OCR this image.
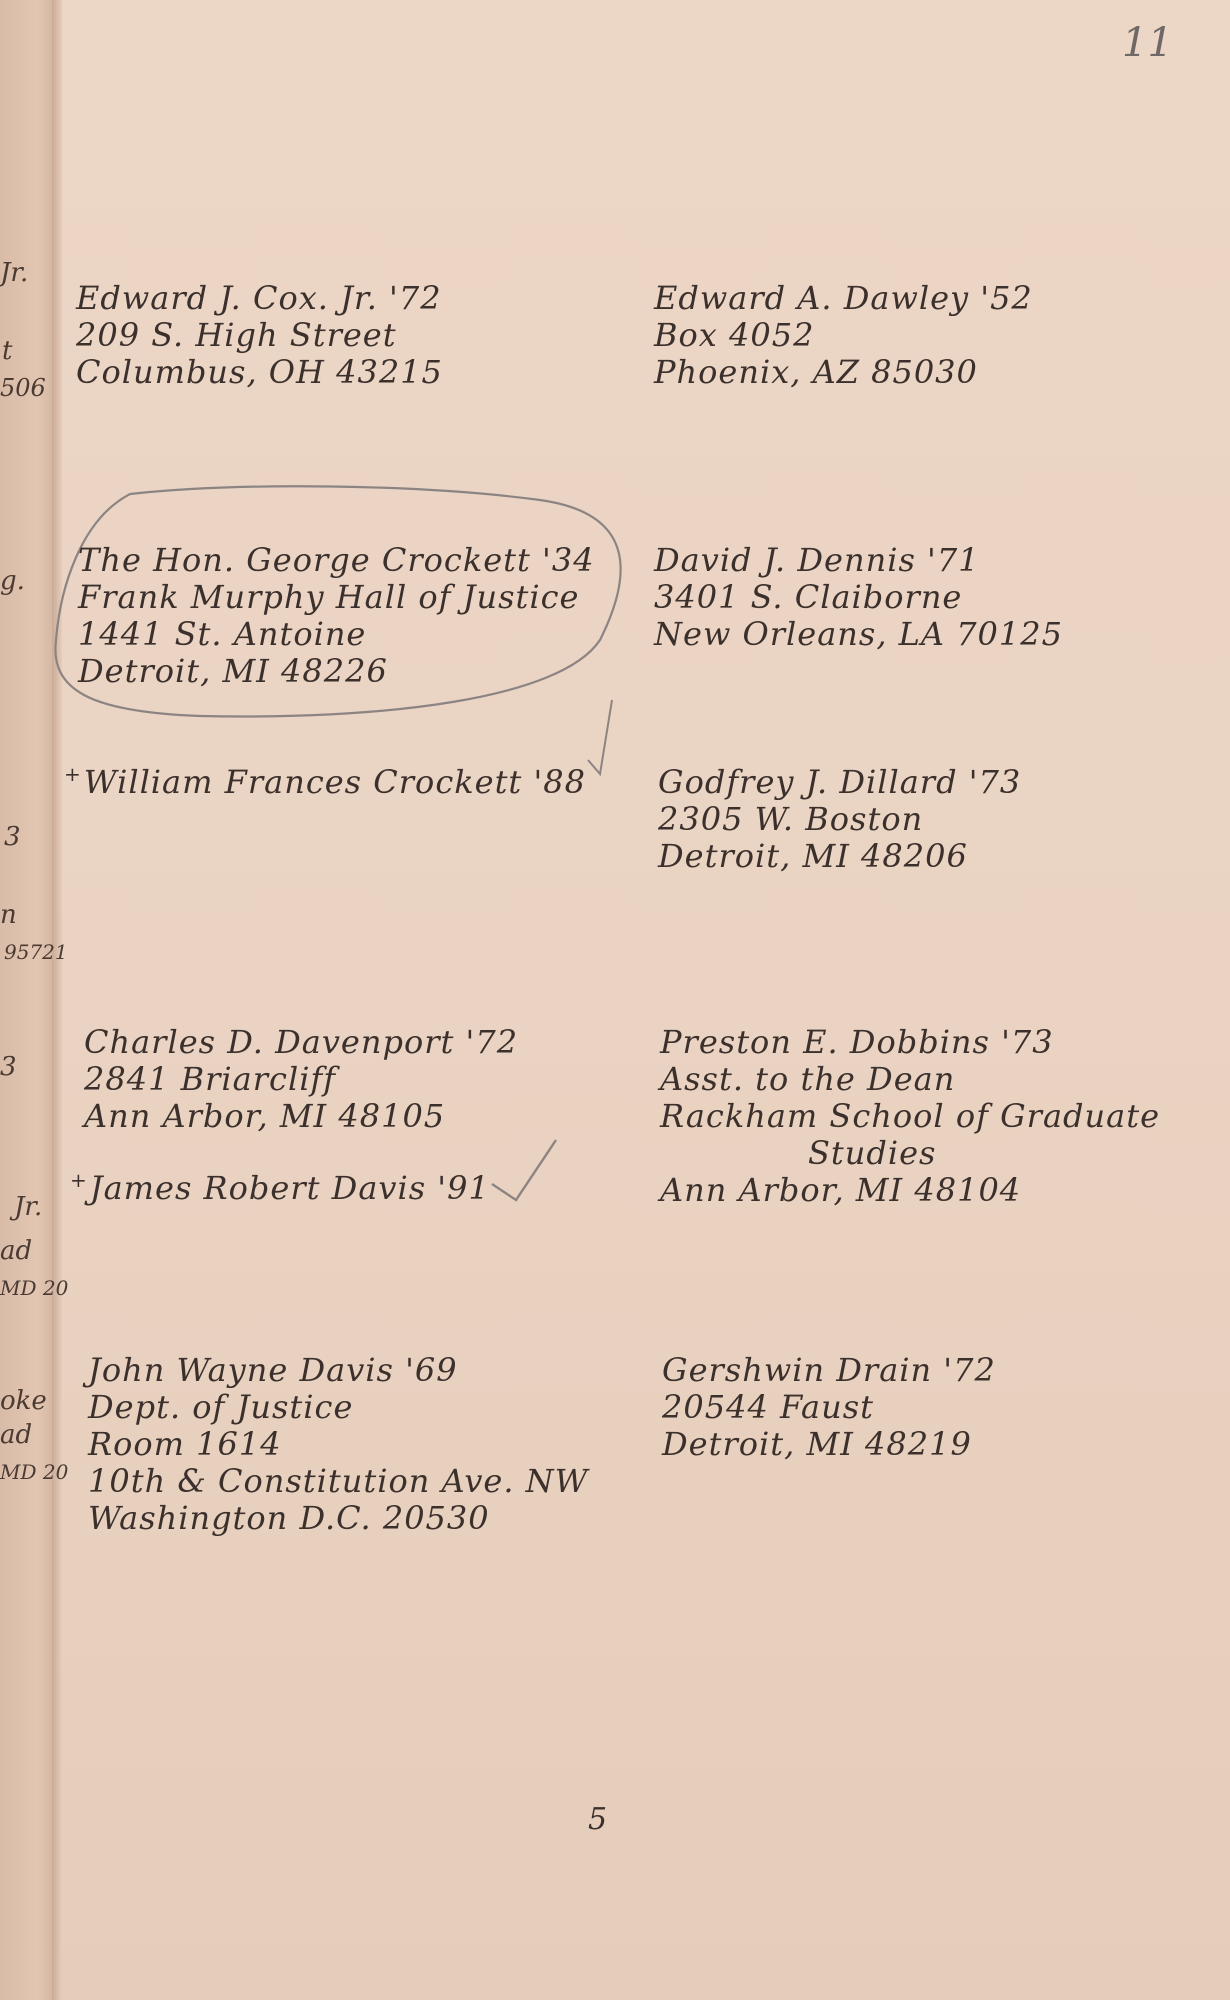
Jr.
t
506
g.
3
n
95721
3
Jr.
ad
MD 20
oke
ad
MD 20
11
Edward J. Cox. Jr. '72
209 S. High Street
Columbus, OH 43215
The Hon. George Crockett '34
Frank Murphy Hall of Justice
1441 St. Antoine
Detroit, MI 48226
+William Frances Crockett '88
Charles D. Davenport '72
2841 Briarcliff
Ann Arbor, MI 48105
+James Robert Davis '91
John Wayne Davis '69
Dept. of Justice
Room 1614
10th & Constitution Ave. NW
Washington D.C. 20530
Edward A. Dawley '52
Box 4052
Phoenix, AZ 85030
David J. Dennis '71
3401 S. Claiborne
New Orleans, LA 70125
Godfrey J. Dillard '73
2305 W. Boston
Detroit, MI 48206
Preston E. Dobbins '73
Asst. to the Dean
Rackham School of Graduate
Studies
Ann Arbor, MI 48104
Gershwin Drain '72
20544 Faust
Detroit, MI 48219
5
